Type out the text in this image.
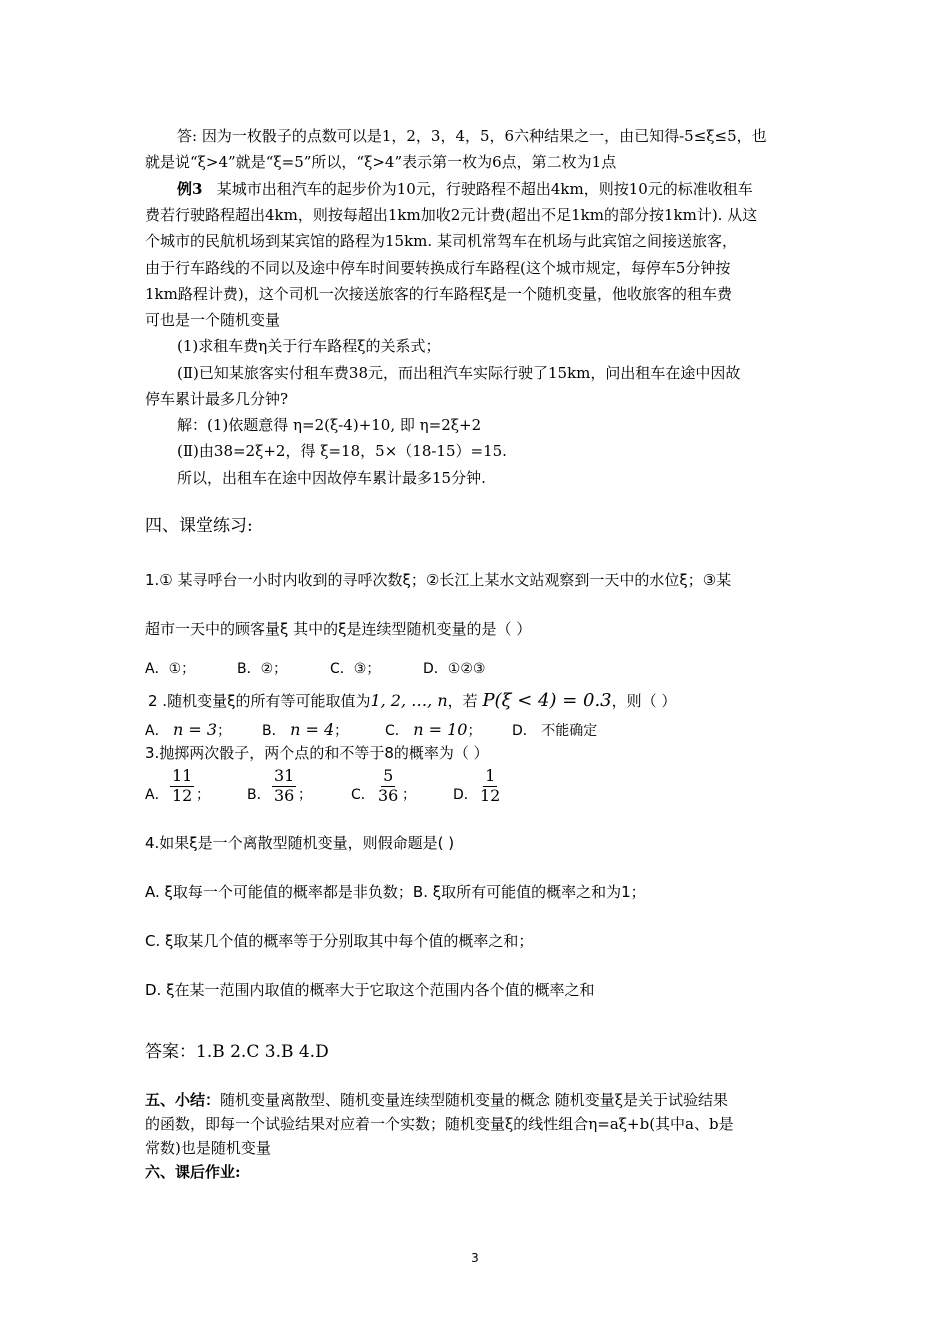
答: 因为一枚骰子的点数可以是1，2，3，4，5，6六种结果之一，由已知得-5≤ξ≤5，也
就是说“ξ>4”就是“ξ=5”所以，“ξ>4”表示第一枚为6点，第二枚为1点
例3 某城市出租汽车的起步价为10元，行驶路程不超出4km，则按10元的标准收租车
费若行驶路程超出4km，则按每超出1km加收2元计费(超出不足1km的部分按1km计). 从这
个城市的民航机场到某宾馆的路程为15km. 某司机常驾车在机场与此宾馆之间接送旅客，
由于行车路线的不同以及途中停车时间要转换成行车路程(这个城市规定，每停车5分钟按
1km路程计费)，这个司机一次接送旅客的行车路程ξ是一个随机变量，他收旅客的租车费
可也是一个随机变量
(1)求租车费η关于行车路程ξ的关系式；
(Ⅱ)已知某旅客实付租车费38元，而出租汽车实际行驶了15km，问出租车在途中因故
停车累计最多几分钟?
解：(1)依题意得 η=2(ξ-4)+10, 即 η=2ξ+2
(Ⅱ)由38=2ξ+2，得 ξ=18，5×（18-15）=15.
所以，出租车在途中因故停车累计最多15分钟.
四、课堂练习:
1.① 某寻呼台一小时内收到的寻呼次数ξ；②长江上某水文站观察到一天中的水位ξ；③某
超市一天中的顾客量ξ 其中的ξ是连续型随机变量的是（ ）
A．①；	B．②；	C．③；	D．①②③
2 .随机变量ξ的所有等可能取值为1, 2, …, n，若 P(ξ < 4) = 0.3，则（ ）
A． n = 3； B． n = 4；	C． n = 10； D． 不能确定
3.抛掷两次骰子，两个点的和不等于8的概率为（ ）
A． $\frac{11}{12}$ ；	B． $\frac{31}{36}$ ；	C． $\frac{5}{36}$ ；	D． $\frac{1}{12}$
4.如果ξ是一个离散型随机变量，则假命题是( )
A. ξ取每一个可能值的概率都是非负数；B. ξ取所有可能值的概率之和为1；
C. ξ取某几个值的概率等于分别取其中每个值的概率之和；
D. ξ在某一范围内取值的概率大于它取这个范围内各个值的概率之和
答案：1.B 2.C 3.B 4.D
五、小结：随机变量离散型、随机变量连续型随机变量的概念 随机变量ξ是关于试验结果
的函数，即每一个试验结果对应着一个实数；随机变量ξ的线性组合η=aξ+b(其中a、b是
常数)也是随机变量
六、课后作业:
3
